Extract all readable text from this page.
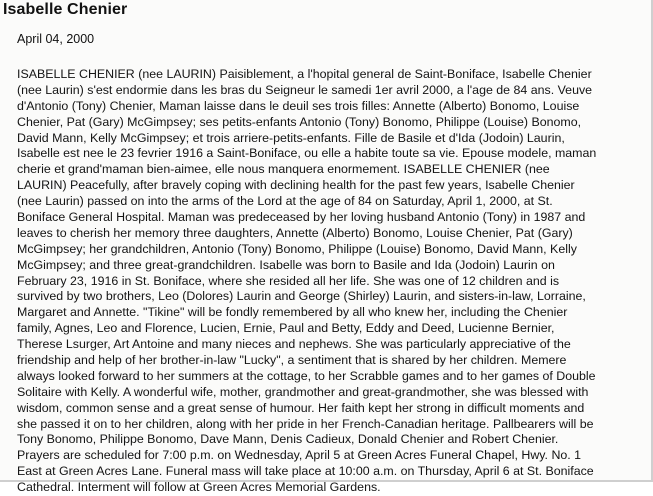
Isabelle Chenier
April 04, 2000
ISABELLE CHENIER (nee LAURIN) Paisiblement, a l'hopital general de Saint-Boniface, Isabelle Chenier
(nee Laurin) s'est endormie dans les bras du Seigneur le samedi 1er avril 2000, a l'age de 84 ans. Veuve
d'Antonio (Tony) Chenier, Maman laisse dans le deuil ses trois filles: Annette (Alberto) Bonomo, Louise
Chenier, Pat (Gary) McGimpsey; ses petits-enfants Antonio (Tony) Bonomo, Philippe (Louise) Bonomo,
David Mann, Kelly McGimpsey; et trois arriere-petits-enfants. Fille de Basile et d'Ida (Jodoin) Laurin,
Isabelle est nee le 23 fevrier 1916 a Saint-Boniface, ou elle a habite toute sa vie. Epouse modele, maman
cherie et grand'maman bien-aimee, elle nous manquera enormement. ISABELLE CHENIER (nee
LAURIN) Peacefully, after bravely coping with declining health for the past few years, Isabelle Chenier
(nee Laurin) passed on into the arms of the Lord at the age of 84 on Saturday, April 1, 2000, at St.
Boniface General Hospital. Maman was predeceased by her loving husband Antonio (Tony) in 1987 and
leaves to cherish her memory three daughters, Annette (Alberto) Bonomo, Louise Chenier, Pat (Gary)
McGimpsey; her grandchildren, Antonio (Tony) Bonomo, Philippe (Louise) Bonomo, David Mann, Kelly
McGimpsey; and three great-grandchildren. Isabelle was born to Basile and Ida (Jodoin) Laurin on
February 23, 1916 in St. Boniface, where she resided all her life. She was one of 12 children and is
survived by two brothers, Leo (Dolores) Laurin and George (Shirley) Laurin, and sisters-in-law, Lorraine,
Margaret and Annette. "Tikine" will be fondly remembered by all who knew her, including the Chenier
family, Agnes, Leo and Florence, Lucien, Ernie, Paul and Betty, Eddy and Deed, Lucienne Bernier,
Therese Lsurger, Art Antoine and many nieces and nephews. She was particularly appreciative of the
friendship and help of her brother-in-law "Lucky", a sentiment that is shared by her children. Memere
always looked forward to her summers at the cottage, to her Scrabble games and to her games of Double
Solitaire with Kelly. A wonderful wife, mother, grandmother and great-grandmother, she was blessed with
wisdom, common sense and a great sense of humour. Her faith kept her strong in difficult moments and
she passed it on to her children, along with her pride in her French-Canadian heritage. Pallbearers will be
Tony Bonomo, Philippe Bonomo, Dave Mann, Denis Cadieux, Donald Chenier and Robert Chenier.
Prayers are scheduled for 7:00 p.m. on Wednesday, April 5 at Green Acres Funeral Chapel, Hwy. No. 1
East at Green Acres Lane. Funeral mass will take place at 10:00 a.m. on Thursday, April 6 at St. Boniface
Cathedral. Interment will follow at Green Acres Memorial Gardens.
